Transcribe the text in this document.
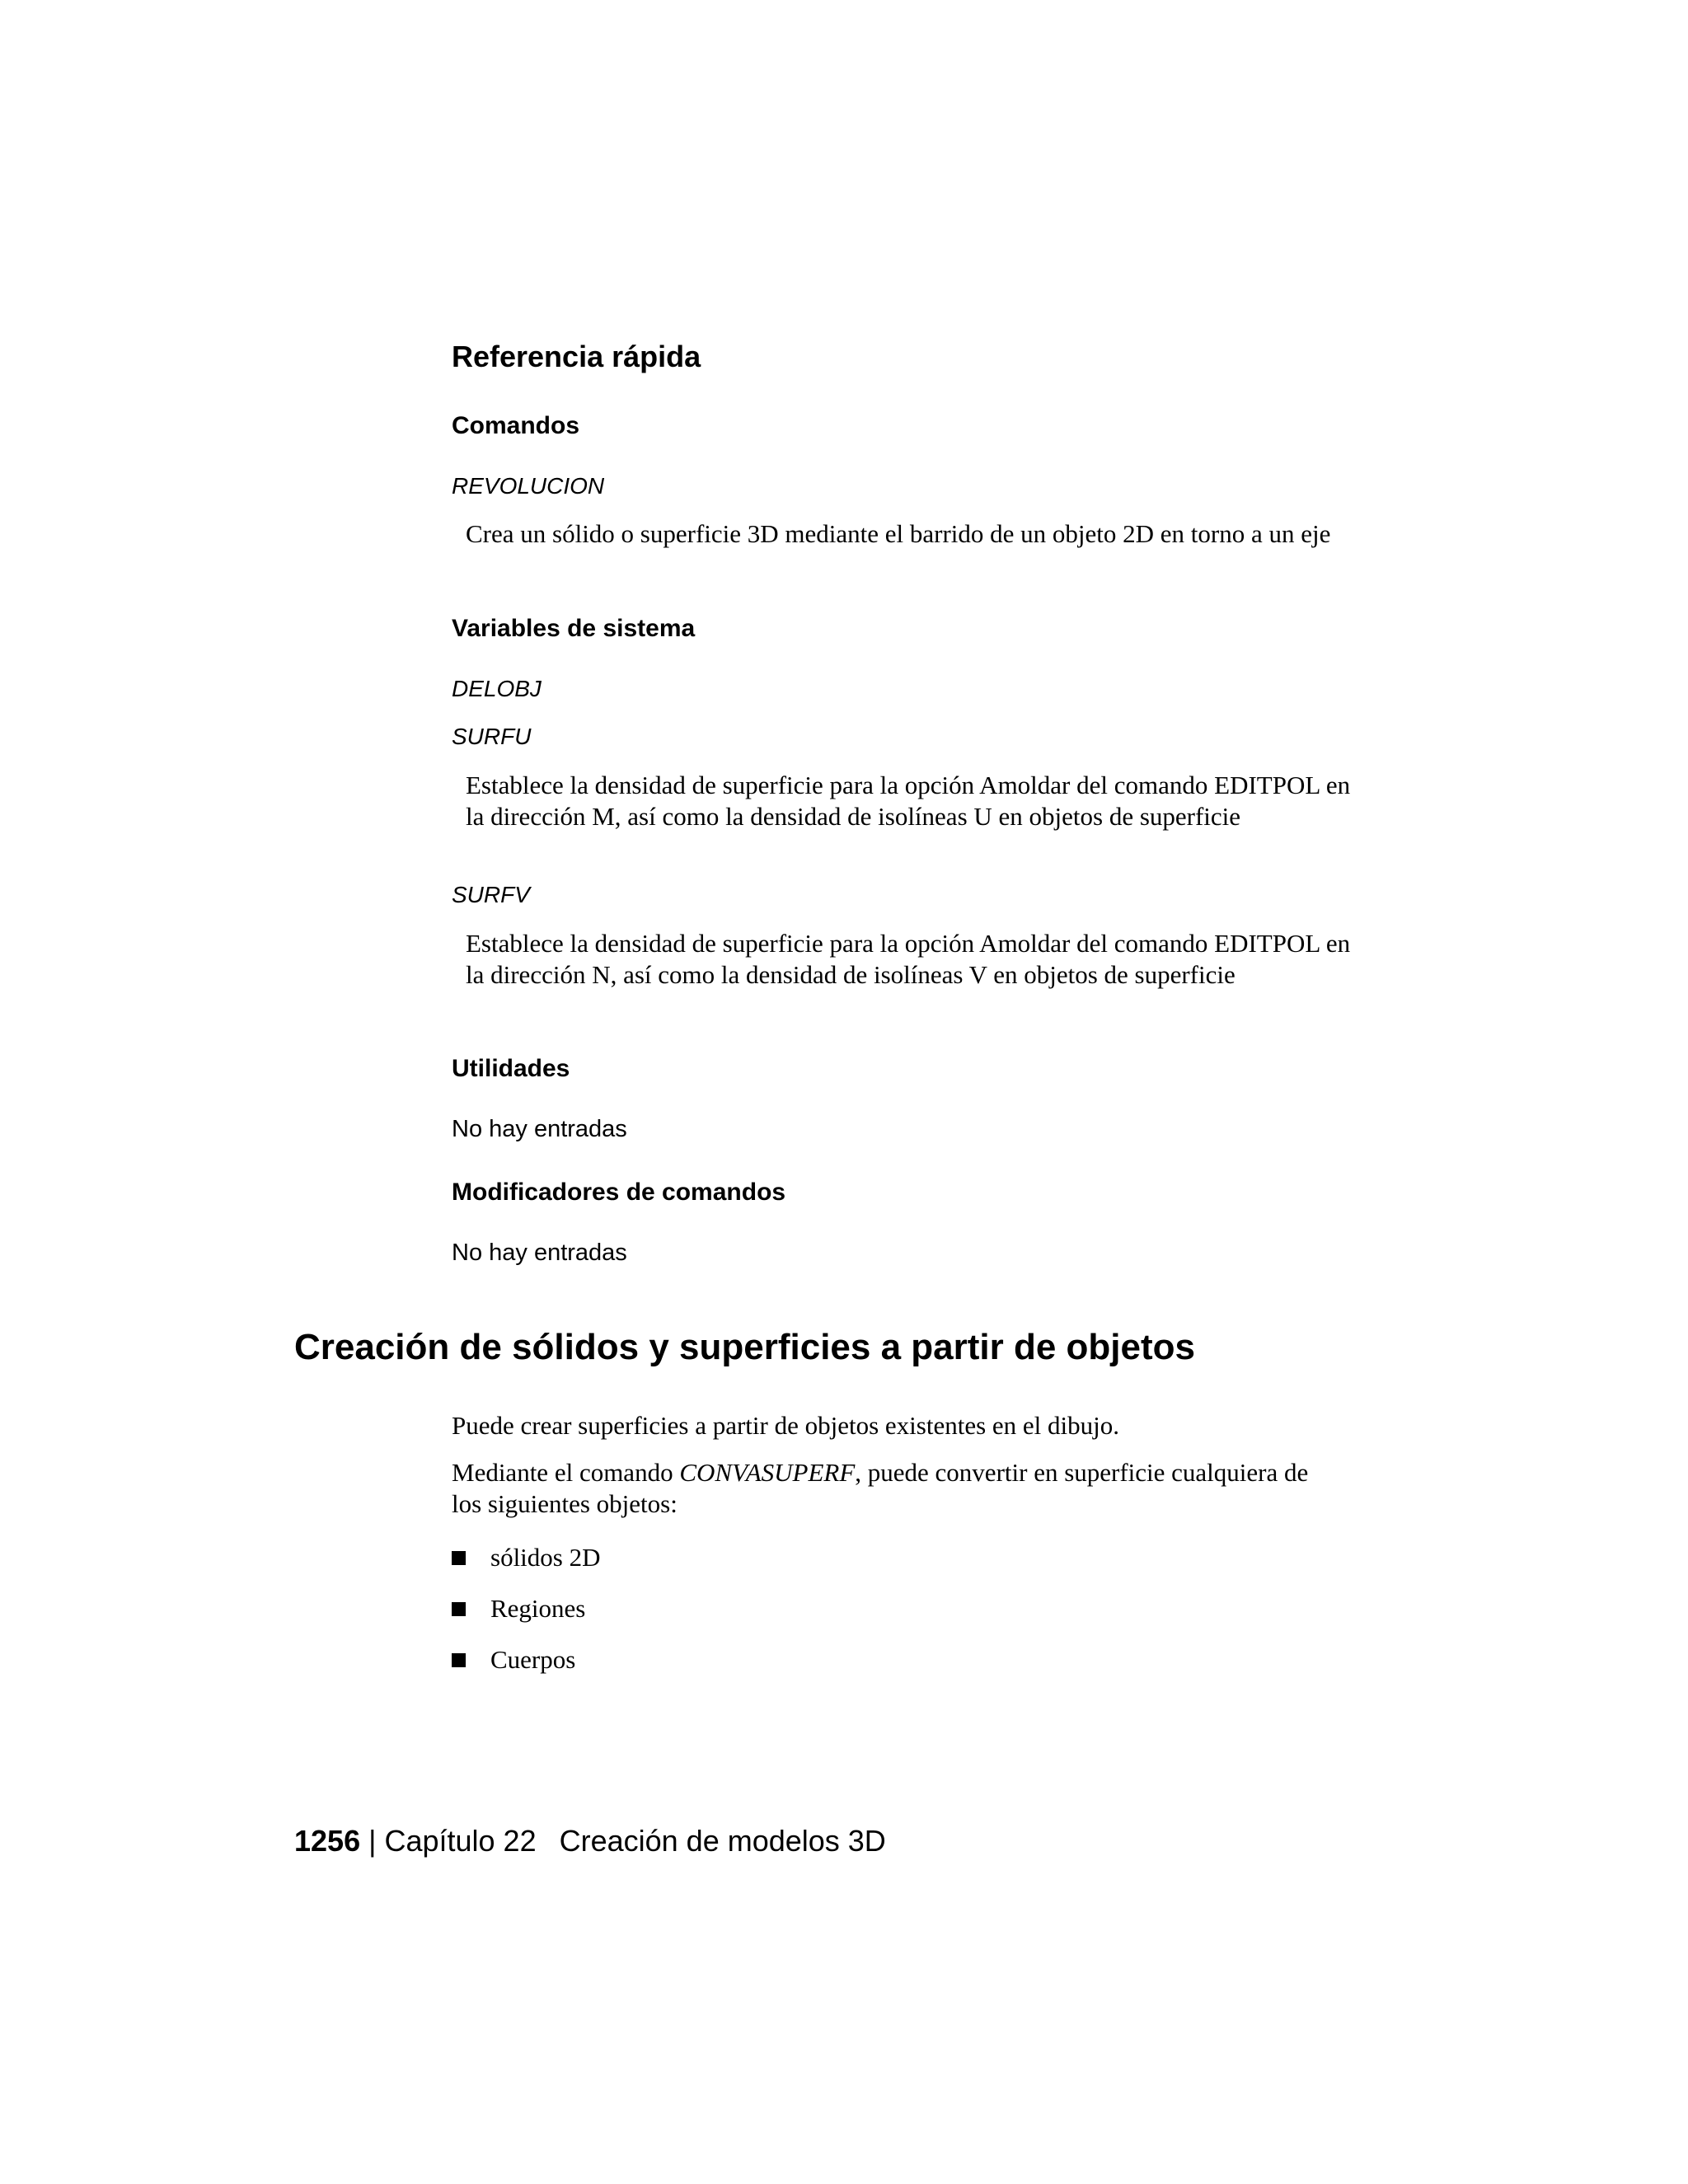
Referencia rápida
Comandos
REVOLUCION
Crea un sólido o superficie 3D mediante el barrido de un objeto 2D en torno a un eje
Variables de sistema
DELOBJ
SURFU
Establece la densidad de superficie para la opción Amoldar del comando EDITPOL en la dirección M, así como la densidad de isolíneas U en objetos de superficie
SURFV
Establece la densidad de superficie para la opción Amoldar del comando EDITPOL en la dirección N, así como la densidad de isolíneas V en objetos de superficie
Utilidades
No hay entradas
Modificadores de comandos
No hay entradas
Creación de sólidos y superficies a partir de objetos
Puede crear superficies a partir de objetos existentes en el dibujo.
Mediante el comando CONVASUPERF, puede convertir en superficie cualquiera de los siguientes objetos:
sólidos 2D
Regiones
Cuerpos
1256 | Capítulo 22 Creación de modelos 3D
